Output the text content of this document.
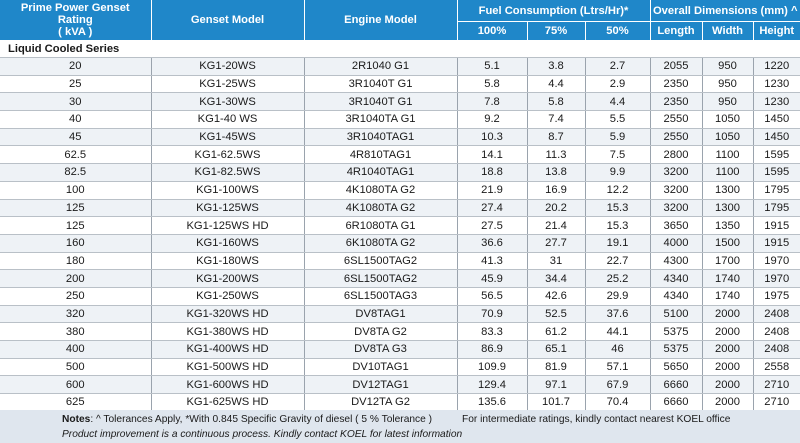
Prime Power Genset Rating
( kVA )	Genset Model	Engine Model	Fuel Consumption (Ltrs/Hr)*			Overall Dimensions (mm) ^		
			100%	75%	50%	Length	Width	Height
Liquid Cooled Series								
20	KG1-20WS	2R1040 G1	5.1	3.8	2.7	2055	950	1220
25	KG1-25WS	3R1040T G1	5.8	4.4	2.9	2350	950	1230
30	KG1-30WS	3R1040T G1	7.8	5.8	4.4	2350	950	1230
40	KG1-40 WS	3R1040TA G1	9.2	7.4	5.5	2550	1050	1450
45	KG1-45WS	3R1040TAG1	10.3	8.7	5.9	2550	1050	1450
62.5	KG1-62.5WS	4R810TAG1	14.1	11.3	7.5	2800	1100	1595
82.5	KG1-82.5WS	4R1040TAG1	18.8	13.8	9.9	3200	1100	1595
100	KG1-100WS	4K1080TA G2	21.9	16.9	12.2	3200	1300	1795
125	KG1-125WS	4K1080TA G2	27.4	20.2	15.3	3200	1300	1795
125	KG1-125WS HD	6R1080TA G1	27.5	21.4	15.3	3650	1350	1915
160	KG1-160WS	6K1080TA G2	36.6	27.7	19.1	4000	1500	1915
180	KG1-180WS	6SL1500TAG2	41.3	31	22.7	4300	1700	1970
200	KG1-200WS	6SL1500TAG2	45.9	34.4	25.2	4340	1740	1970
250	KG1-250WS	6SL1500TAG3	56.5	42.6	29.9	4340	1740	1975
320	KG1-320WS HD	DV8TAG1	70.9	52.5	37.6	5100	2000	2408
380	KG1-380WS HD	DV8TA G2	83.3	61.2	44.1	5375	2000	2408
400	KG1-400WS HD	DV8TA G3	86.9	65.1	46	5375	2000	2408
500	KG1-500WS HD	DV10TAG1	109.9	81.9	57.1	5650	2000	2558
600	KG1-600WS HD	DV12TAG1	129.4	97.1	67.9	6660	2000	2710
625	KG1-625WS HD	DV12TA G2	135.6	101.7	70.4	6660	2000	2710
Notes: ^ Tolerances Apply, *With 0.845 Specific Gravity of diesel ( 5 % Tolerance )	For intermediate ratings, kindly contact nearest KOEL office
Product improvement is a continuous process. Kindly contact KOEL for latest information
